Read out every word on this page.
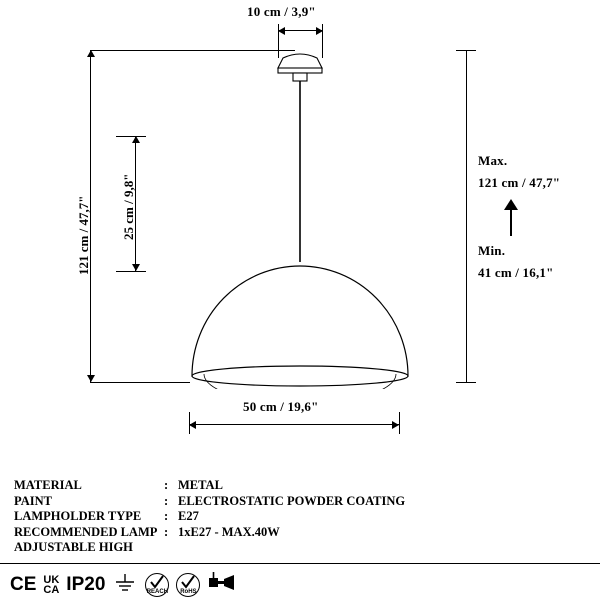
10 cm / 3,9"
121 cm / 47,7" 25 cm / 9,8"
Max.
121 cm / 47,7"
Min.
41 cm / 16,1"
50 cm / 19,6"
MATERIAL	: METAL
PAINT	: ELECTROSTATIC POWDER COATING
LAMPHOLDER TYPE	: E27
RECOMMENDED LAMP : 1xE27 - MAX.40W
ADJUSTABLE HIGH
CE UK
CA IP20	REACH	RoHS
